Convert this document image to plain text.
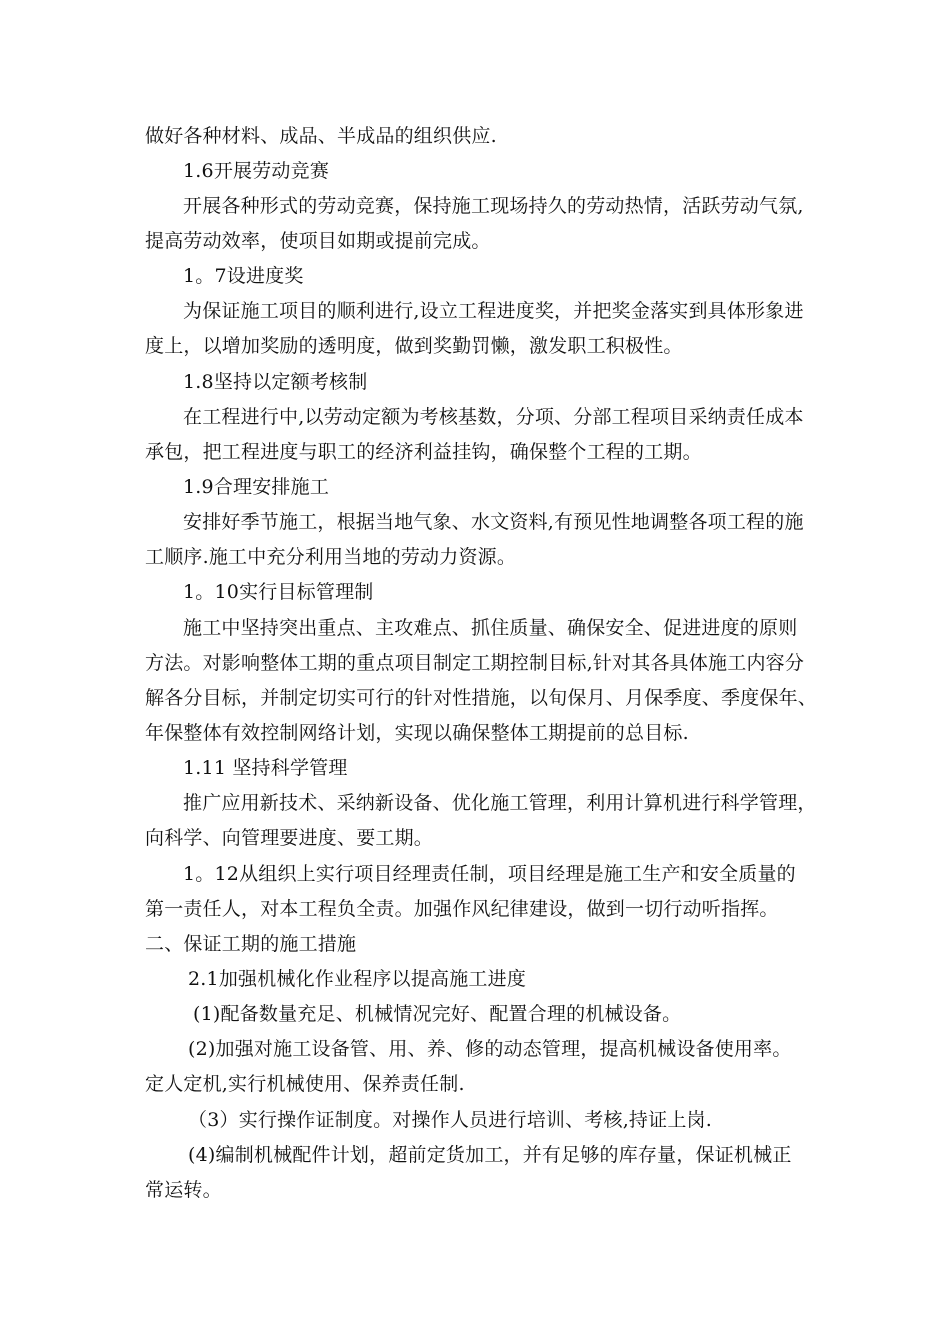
做好各种材料、成品、半成品的组织供应.
1.6开展劳动竞赛
开展各种形式的劳动竞赛，保持施工现场持久的劳动热情，活跃劳动气氛,
提高劳动效率，使项目如期或提前完成。
1。7设进度奖
为保证施工项目的顺利进行,设立工程进度奖，并把奖金落实到具体形象进
度上，以增加奖励的透明度，做到奖勤罚懒，激发职工积极性。
1.8坚持以定额考核制
在工程进行中,以劳动定额为考核基数，分项、分部工程项目采纳责任成本
承包，把工程进度与职工的经济利益挂钩，确保整个工程的工期。
1.9合理安排施工
安排好季节施工，根据当地气象、水文资料,有预见性地调整各项工程的施
工顺序.施工中充分利用当地的劳动力资源。
1。10实行目标管理制
施工中坚持突出重点、主攻难点、抓住质量、确保安全、促进进度的原则
方法。对影响整体工期的重点项目制定工期控制目标,针对其各具体施工内容分
解各分目标，并制定切实可行的针对性措施，以旬保月、月保季度、季度保年、
年保整体有效控制网络计划，实现以确保整体工期提前的总目标.
1.11 坚持科学管理
推广应用新技术、采纳新设备、优化施工管理，利用计算机进行科学管理，
向科学、向管理要进度、要工期。
1。12从组织上实行项目经理责任制，项目经理是施工生产和安全质量的
第一责任人，对本工程负全责。加强作风纪律建设，做到一切行动听指挥。
二、保证工期的施工措施
2.1加强机械化作业程序以提高施工进度
(1)配备数量充足、机械情况完好、配置合理的机械设备。
(2)加强对施工设备管、用、养、修的动态管理，提高机械设备使用率。
定人定机,实行机械使用、保养责任制.
（3）实行操作证制度。对操作人员进行培训、考核,持证上岗.
(4)编制机械配件计划，超前定货加工，并有足够的库存量，保证机械正
常运转。
